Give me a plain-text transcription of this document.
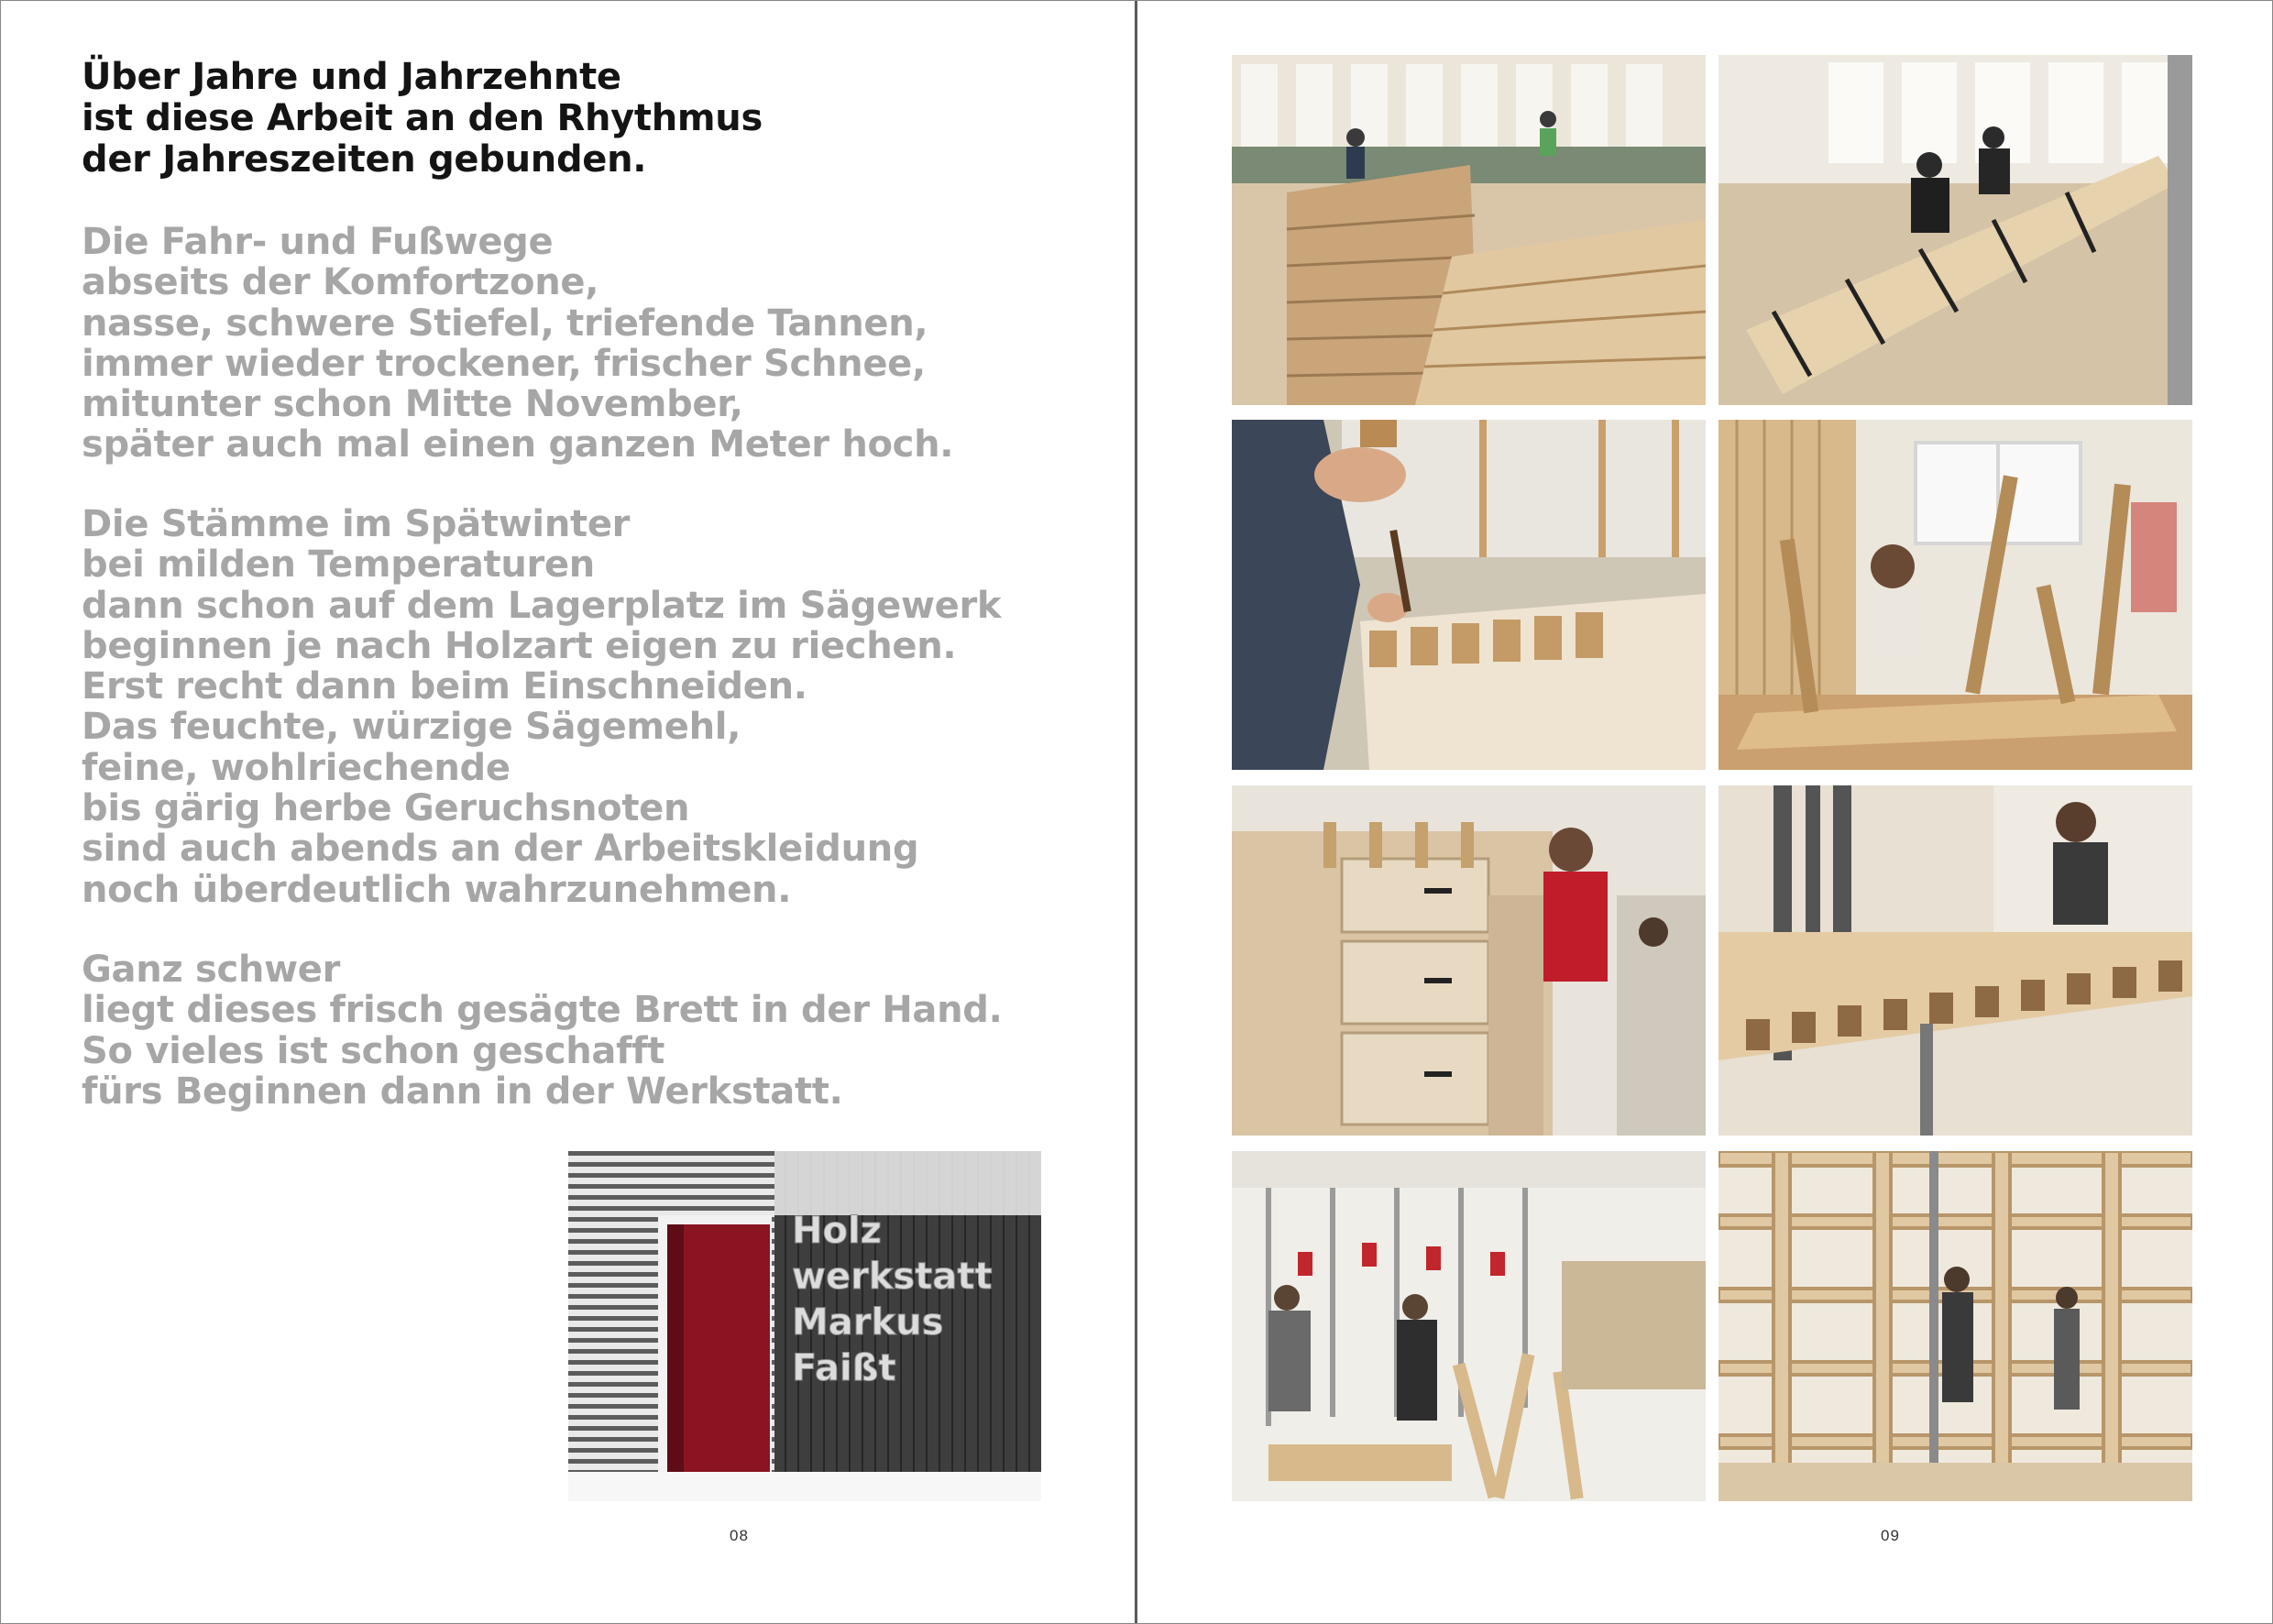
Über Jahre und Jahrzehnte
ist diese Arbeit an den Rhythmus
der Jahreszeiten gebunden.

Die Fahr- und Fußwege
abseits der Komfortzone,
nasse, schwere Stiefel, triefende Tannen,
immer wieder trockener, frischer Schnee,
mitunter schon Mitte November,
später auch mal einen ganzen Meter hoch.

Die Stämme im Spätwinter
bei milden Temperaturen
dann schon auf dem Lagerplatz im Sägewerk
beginnen je nach Holzart eigen zu riechen.
Erst recht dann beim Einschneiden.
Das feuchte, würzige Sägemehl,
feine, wohlriechende
bis gärig herbe Geruchsnoten
sind auch abends an der Arbeitskleidung
noch überdeutlich wahrzunehmen.

Ganz schwer
liegt dieses frisch gesägte Brett in der Hand.
So vieles ist schon geschafft
fürs Beginnen dann in der Werkstatt.

Holz
werkstatt
Markus
Faißt
08	09
